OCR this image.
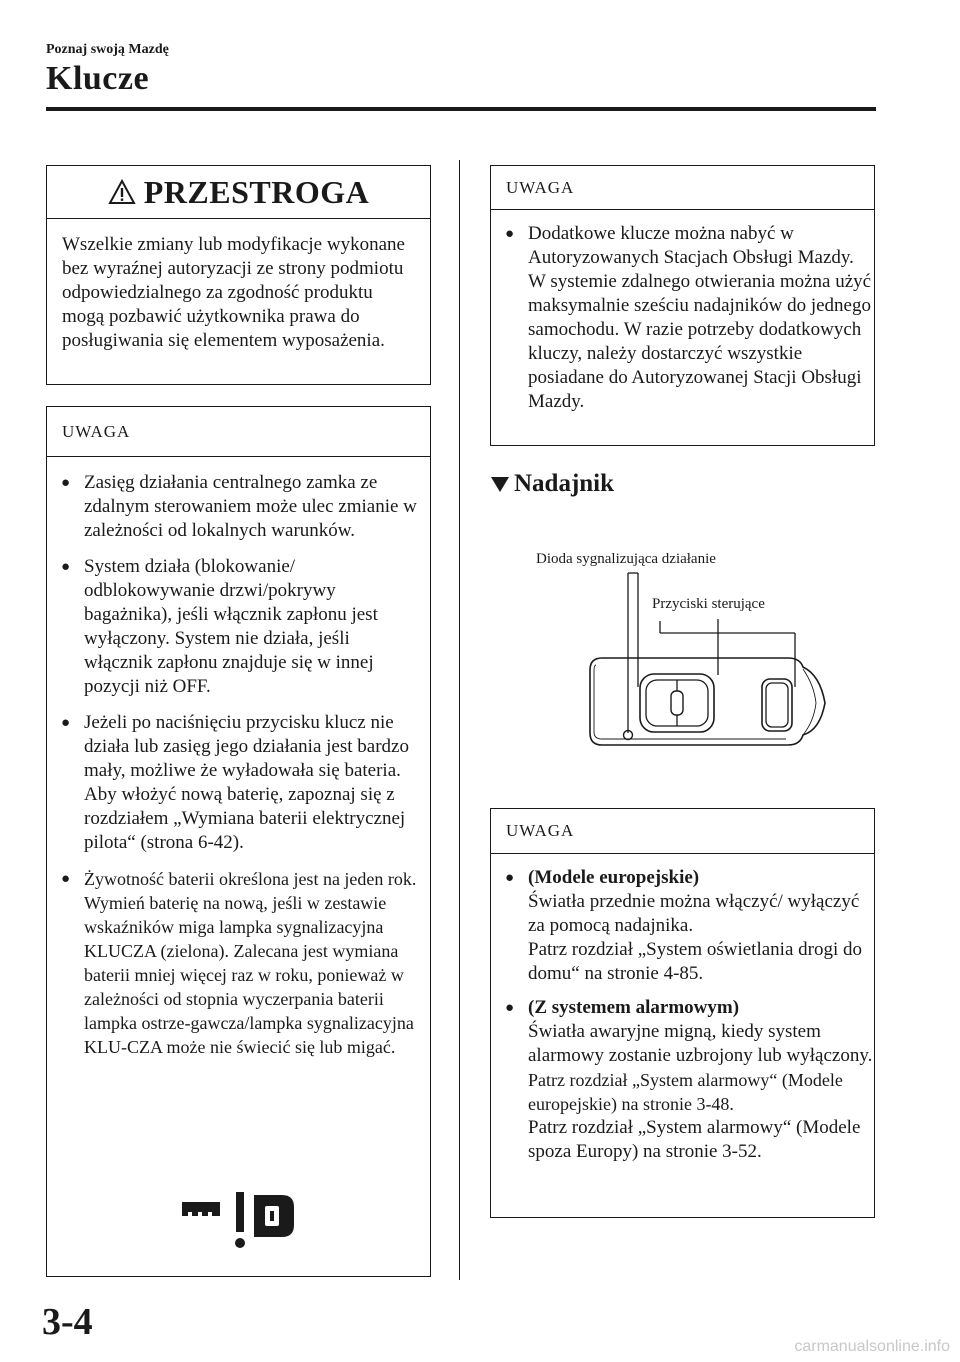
Poznaj swoją Mazdę
Klucze
PRZESTROGA
Wszelkie zmiany lub modyfikacje wykonane bez wyraźnej autoryzacji ze strony podmiotu odpowiedzialnego za zgodność produktu mogą pozbawić użytkownika prawa do posługiwania się elementem wyposażenia.
UWAGA
● Zasięg działania centralnego zamka ze zdalnym sterowaniem może ulec zmianie w zależności od lokalnych warunków.
● System działa (blokowanie/ odblokowywanie drzwi/pokrywy bagażnika), jeśli włącznik zapłonu jest wyłączony. System nie działa, jeśli włącznik zapłonu znajduje się w innej pozycji niż OFF.
● Jeżeli po naciśnięciu przycisku klucz nie działa lub zasięg jego działania jest bardzo mały, możliwe że wyładowała się bateria. Aby włożyć nową baterię, zapoznaj się z rozdziałem „Wymiana baterii elektrycznej pilota“ (strona 6-42).
● Żywotność baterii określona jest na jeden rok. Wymień baterię na nową, jeśli w zestawie wskaźników miga lampka sygnalizacyjna KLUCZA (zielona). Zalecana jest wymiana baterii mniej więcej raz w roku, ponieważ w zależności od stopnia wyczerpania baterii lampka ostrze-gawcza/lampka sygnalizacyjna KLU-CZA może nie świecić się lub migać.
UWAGA
● Dodatkowe klucze można nabyć w Autoryzowanych Stacjach Obsługi Mazdy. W systemie zdalnego otwierania można użyć maksymalnie sześciu nadajników do jednego samochodu. W razie potrzeby dodatkowych kluczy, należy dostarczyć wszystkie posiadane do Autoryzowanej Stacji Obsługi Mazdy.
Nadajnik
Dioda sygnalizująca działanie
Przyciski sterujące
UWAGA
● (Modele europejskie)
Światła przednie można włączyć/ wyłączyć za pomocą nadajnika.
Patrz rozdział „System oświetlania drogi do domu“ na stronie 4-85.
● (Z systemem alarmowym)
Światła awaryjne migną, kiedy system alarmowy zostanie uzbrojony lub wyłączony.
Patrz rozdział „System alarmowy“ (Modele europejskie) na stronie 3-48.
Patrz rozdział „System alarmowy“ (Modele spoza Europy) na stronie 3-52.
3-4
carmanualsonline.info
